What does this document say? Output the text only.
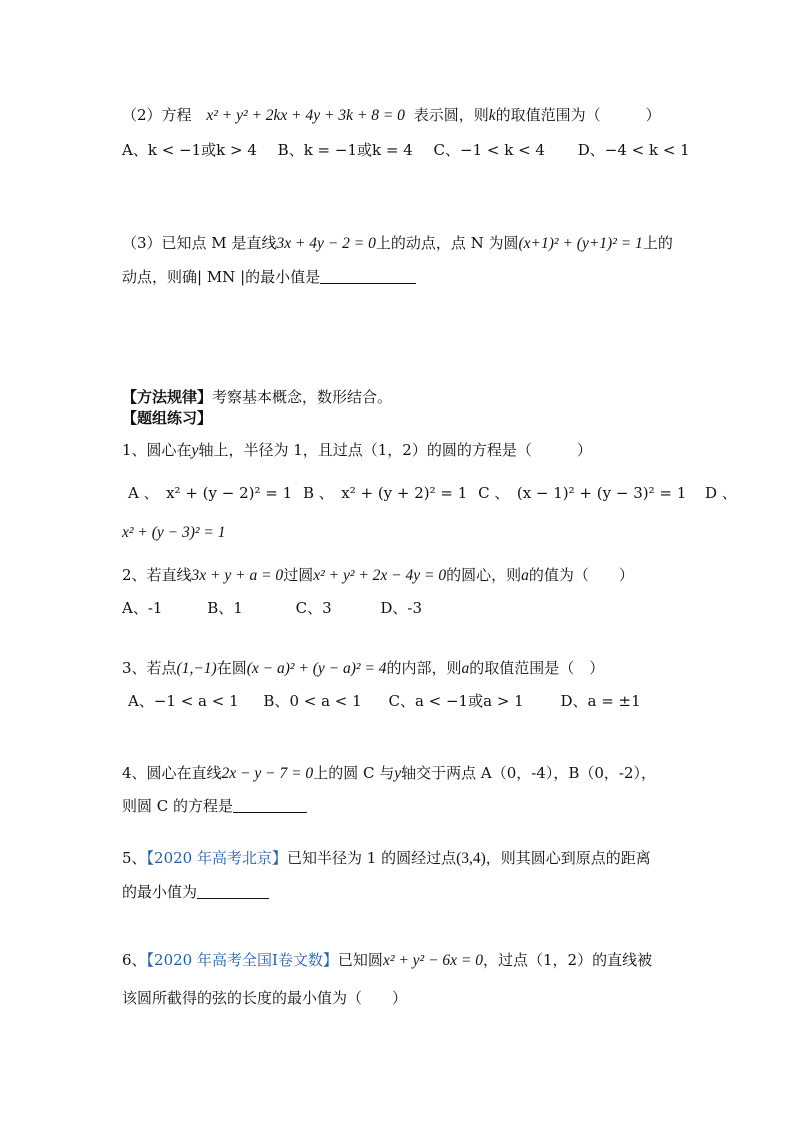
（2）方程 x² + y² + 2kx + 4y + 3k + 8 = 0 表示圆，则k的取值范围为（　　　）
A、k < −1或k > 4 B、k = −1或k = 4 C、−1 < k < 4 D、−4 < k < 1
（3）已知点 M 是直线3x + 4y − 2 = 0上的动点，点 N 为圆(x+1)² + (y+1)² = 1上的
动点，则确| MN |的最小值是
【方法规律】考察基本概念，数形结合。
【题组练习】
1、圆心在y轴上，半径为 1，且过点（1，2）的圆的方程是（　　　）
A 、　x² + (y − 2)² = 1 B 、　x² + (y + 2)² = 1 C 、　(x − 1)² + (y − 3)² = 1 D 、
x² + (y − 3)² = 1
2、若直线3x + y + a = 0过圆x² + y² + 2x − 4y = 0的圆心，则a的值为（　　）
A、-1	B、1	C、3	D、-3
3、若点(1,−1)在圆(x − a)² + (y − a)² = 4的内部，则a的取值范围是（　）
A、−1 < a < 1 B、0 < a < 1 C、a < −1或a > 1 D、a = ±1
4、圆心在直线2x − y − 7 = 0上的圆 C 与y轴交于两点 A（0，-4），B（0，-2），
则圆 C 的方程是
5、【2020 年高考北京】已知半径为 1 的圆经过点(3,4)，则其圆心到原点的距离
的最小值为
6、【2020 年高考全国Ⅰ卷文数】已知圆x² + y² − 6x = 0，过点（1，2）的直线被
该圆所截得的弦的长度的最小值为（　　）
